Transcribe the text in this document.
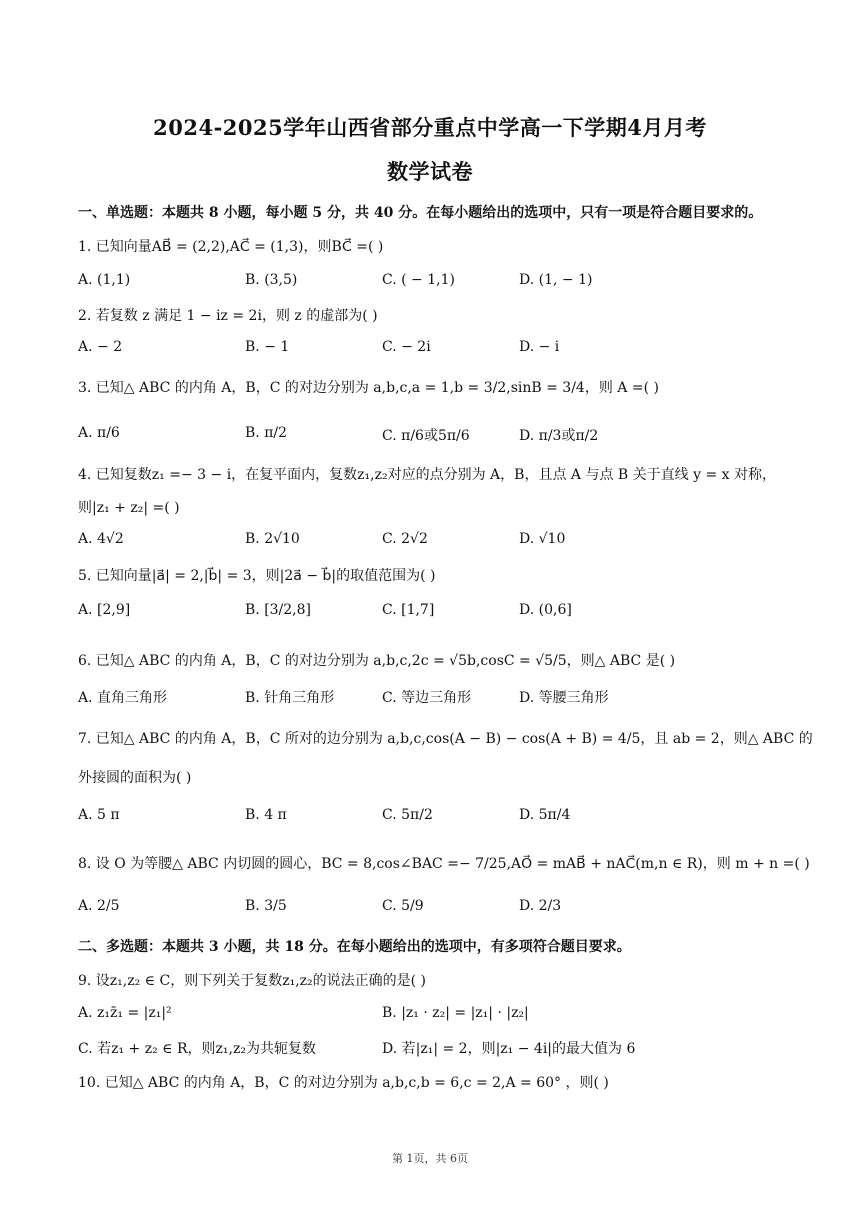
2024-2025学年山西省部分重点中学高一下学期4月月考
数学试卷
一、单选题：本题共 8 小题，每小题 5 分，共 40 分。在每小题给出的选项中，只有一项是符合题目要求的。
1. 已知向量AB⃗ = (2,2),AC⃗ = (1,3)，则BC⃗ =( )
A. (1,1)	B. (3,5)	C. ( − 1,1)	D. (1, − 1)
2. 若复数 z 满足 1 − iz = 2i，则 z 的虚部为( )
A. − 2	B. − 1	C. − 2i	D. − i
3. 已知△ ABC 的内角 A，B，C 的对边分别为 a,b,c,a = 1,b = 3/2,sinB = 3/4，则 A =( )
A. π/6	B. π/2	C. π/6或5π/6	D. π/3或π/2
4. 已知复数z₁ =− 3 − i，在复平面内，复数z₁,z₂对应的点分别为 A，B，且点 A 与点 B 关于直线 y = x 对称，
则|z₁ + z₂| =( )
A. 4√2	B. 2√10	C. 2√2	D. √10
5. 已知向量|a⃗| = 2,|b⃗| = 3，则|2a⃗ − b⃗|的取值范围为( )
A. [2,9]	B. [3/2,8]	C. [1,7]	D. (0,6]
6. 已知△ ABC 的内角 A，B，C 的对边分别为 a,b,c,2c = √5b,cosC = √5/5，则△ ABC 是( )
A. 直角三角形	B. 针角三角形	C. 等边三角形	D. 等腰三角形
7. 已知△ ABC 的内角 A，B，C 所对的边分别为 a,b,c,cos(A − B) − cos(A + B) = 4/5，且 ab = 2，则△ ABC 的
外接圆的面积为( )
A. 5 π	B. 4 π	C. 5π/2	D. 5π/4
8. 设 O 为等腰△ ABC 内切圆的圆心，BC = 8,cos∠BAC =− 7/25,AO⃗ = mAB⃗ + nAC⃗(m,n ∈ R)，则 m + n =( )
A. 2/5	B. 3/5	C. 5/9	D. 2/3
二、多选题：本题共 3 小题，共 18 分。在每小题给出的选项中，有多项符合题目要求。
9. 设z₁,z₂ ∈ C，则下列关于复数z₁,z₂的说法正确的是( )
A. z₁z̄₁ = |z₁|²	B. |z₁ · z₂| = |z₁| · |z₂|
C. 若z₁ + z₂ ∈ R，则z₁,z₂为共轭复数	D. 若|z₁| = 2，则|z₁ − 4i|的最大值为 6
10. 已知△ ABC 的内角 A，B，C 的对边分别为 a,b,c,b = 6,c = 2,A = 60° ，则( )
第 1页，共 6页
